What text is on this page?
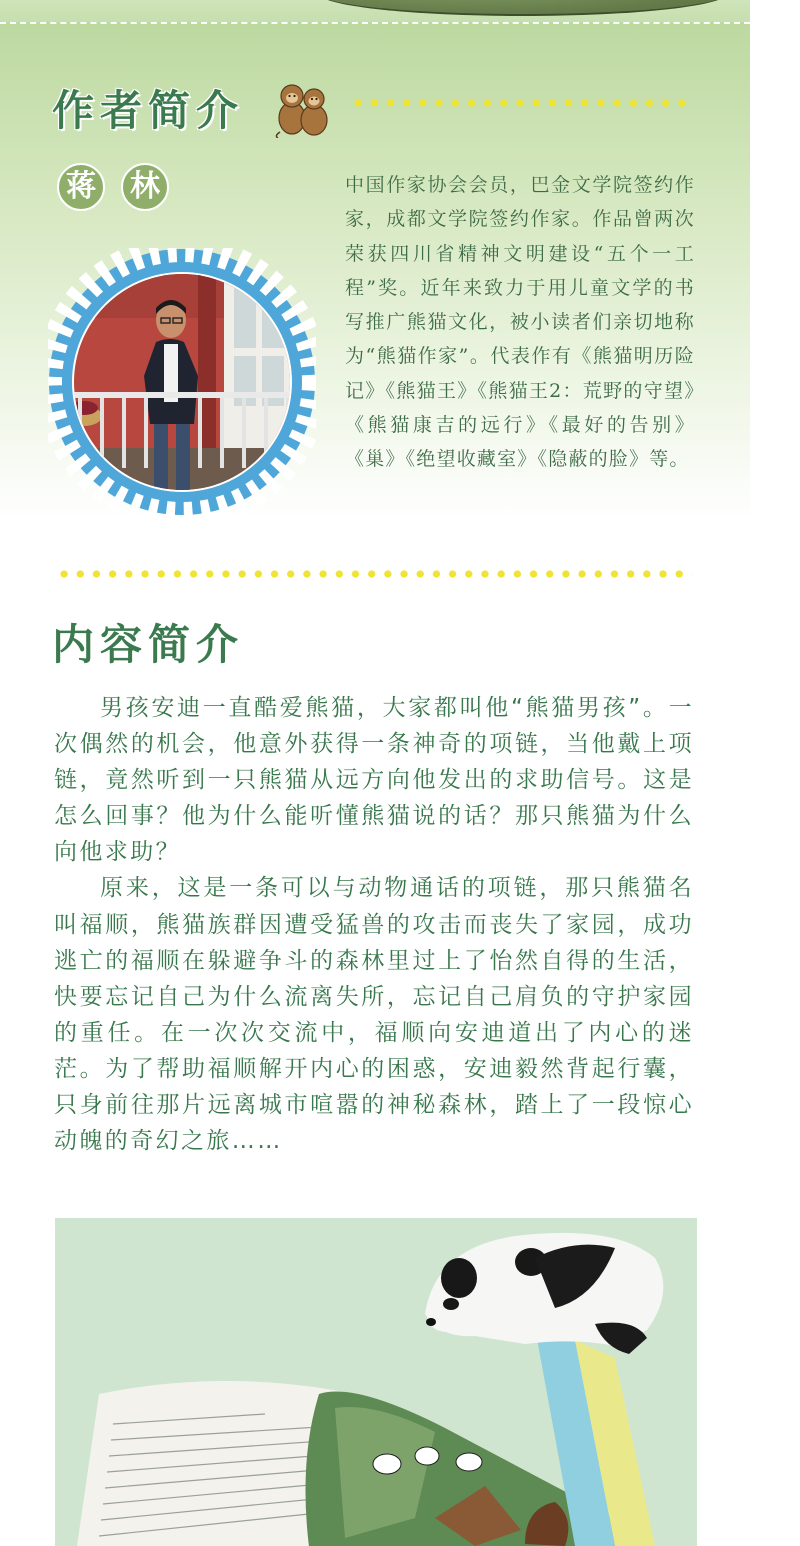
作者简介
蒋	林	中国作家协会会员，巴金文学院签约作家，成都文学院签约作家。作品曾两次荣获四川省精神文明建设“五个一工程”奖。近年来致力于用儿童文学的书写推广熊猫文化，被小读者们亲切地称为“熊猫作家”。代表作有《熊猫明历险记》《熊猫王》《熊猫王2：荒野的守望》《熊猫康吉的远行》《最好的告别》《巢》《绝望收藏室》《隐蔽的脸》等。

内容简介

男孩安迪一直酷爱熊猫，大家都叫他“熊猫男孩”。一次偶然的机会，他意外获得一条神奇的项链，当他戴上项链，竟然听到一只熊猫从远方向他发出的求助信号。这是怎么回事？他为什么能听懂熊猫说的话？那只熊猫为什么向他求助？

原来，这是一条可以与动物通话的项链，那只熊猫名叫福顺，熊猫族群因遭受猛兽的攻击而丧失了家园，成功逃亡的福顺在躲避争斗的森林里过上了怡然自得的生活，快要忘记自己为什么流离失所，忘记自己肩负的守护家园的重任。在一次次交流中，福顺向安迪道出了内心的迷茫。为了帮助福顺解开内心的困惑，安迪毅然背起行囊，只身前往那片远离城市喧嚣的神秘森林，踏上了一段惊心动魄的奇幻之旅……
